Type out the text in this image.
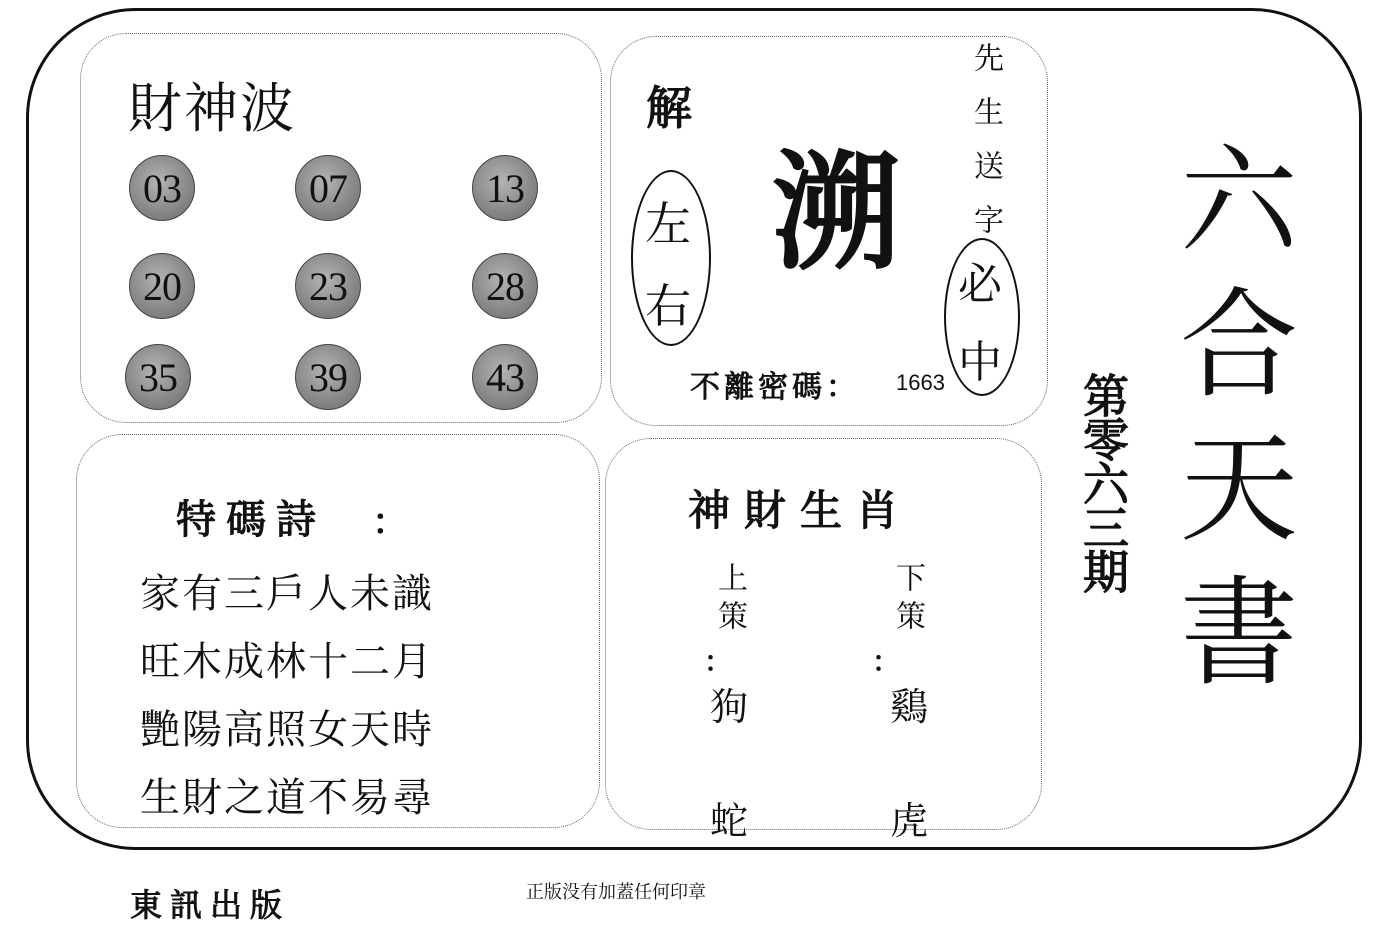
財神波
03	07	13
20	23	28
35	39	43
解
左
右
溯 先生送字
必
中
不離密碼： 1663
特碼詩 ：
家有三戶人未識
旺木成林十二月
艷陽高照女天時
生財之道不易尋
神財生肖
上策
：
狗
蛇
下策
：
鷄
虎
六合天書
第零六三期
東訊出版	正版没有加蓋任何印章
